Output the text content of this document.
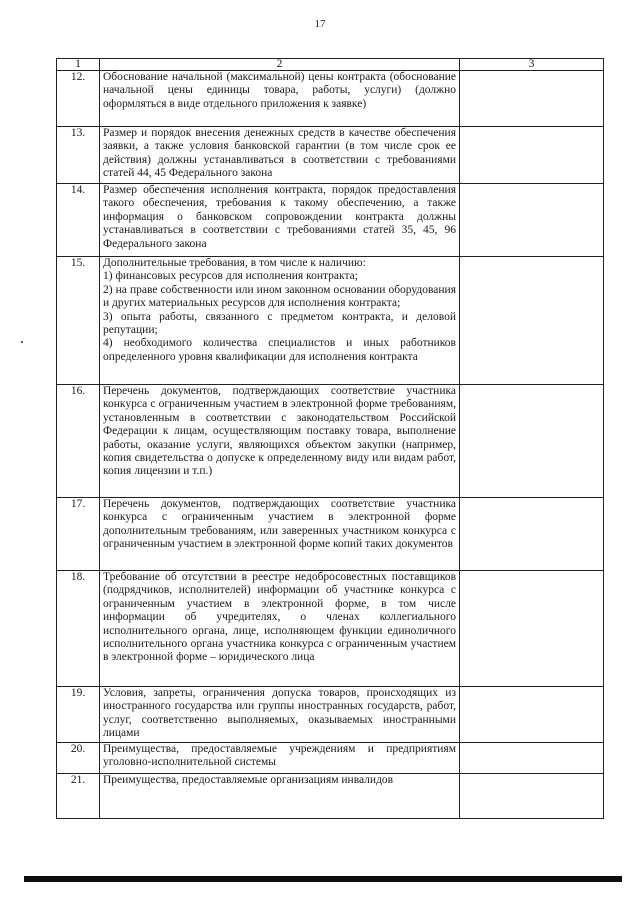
17
1	2	3
12.	Обоснование начальной (максимальной) цены контракта (обоснование начальной цены единицы товара, работы, услуги) (должно оформляться в виде отдельного приложения к заявке)	

13.	Размер и порядок внесения денежных средств в качестве обеспечения заявки, а также условия банковской гарантии (в том числе срок ее действия) должны устанавливаться в соответствии с требованиями статей 44, 45 Федерального закона	

14.	Размер обеспечения исполнения контракта, порядок предоставления такого обеспечения, требования к такому обеспечению, а также информация о банковском сопровождении контракта должны устанавливаться в соответствии с требованиями статей 35, 45, 96 Федерального закона	

15.	Дополнительные требования, в том числе к наличию:
1) финансовых ресурсов для исполнения контракта;
2) на праве собственности или ином законном основании оборудования и других материальных ресурсов для исполнения контракта;
3) опыта работы, связанного с предметом контракта, и деловой репутации;
4) необходимого количества специалистов и иных работников определенного уровня квалификации для исполнения контракта	

16.	Перечень документов, подтверждающих соответствие участника конкурса с ограниченным участием в электронной форме требованиям, установленным в соответствии с законодательством Российской Федерации к лицам, осуществляющим поставку товара, выполнение работы, оказание услуги, являющихся объектом закупки (например, копия свидетельства о допуске к определенному виду или видам работ, копия лицензии и т.п.)	

17.	Перечень документов, подтверждающих соответствие участника конкурса с ограниченным участием в электронной форме дополнительным требованиям, или заверенных участником конкурса с ограниченным участием в электронной форме копий таких документов	

18.	Требование об отсутствии в реестре недобросовестных поставщиков (подрядчиков, исполнителей) информации об участнике конкурса с ограниченным участием в электронной форме, в том числе информации об учредителях, о членах коллегиального исполнительного органа, лице, исполняющем функции единоличного исполнительного органа участника конкурса с ограниченным участием в электронной форме – юридического лица	

19.	Условия, запреты, ограничения допуска товаров, происходящих из иностранного государства или группы иностранных государств, работ, услуг, соответственно выполняемых, оказываемых иностранными лицами	

20.	Преимущества, предоставляемые учреждениям и предприятиям уголовно-исполнительной системы	

21.	Преимущества, предоставляемые организациям инвалидов	
